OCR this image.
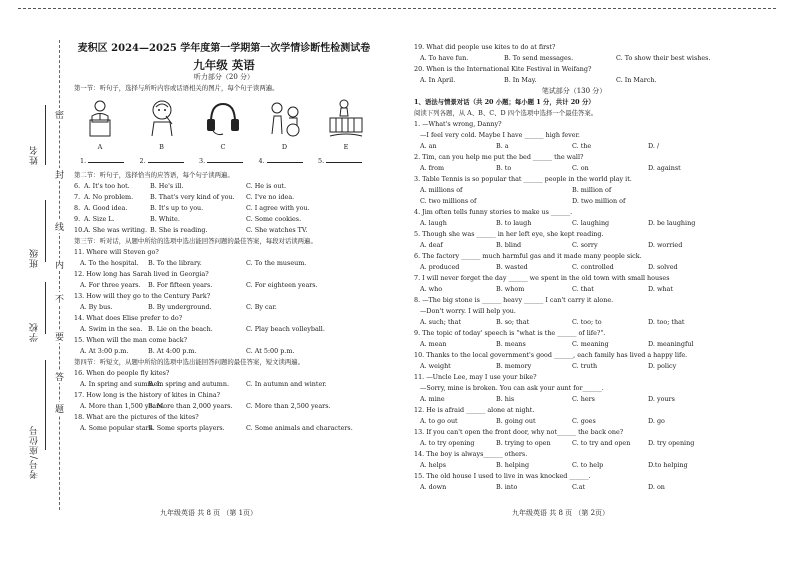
姓名
班级
学校
考号/座位号
密
封
线
内
不
要
答
题
麦积区 2024—2025 学年度第一学期第一次学情诊断性检测试卷
九年级 英语
听力部分（20 分）
第一节：听句子，选择与所听内容或话语相关的图片，每个句子读两遍。
A	B	C	D	E
1.	2.	3.	4.	5.
第二节：听句子，选择恰当的应答语，每个句子读两遍。
6. A. It's too hot.	B. He's ill.	C. He is out.
7. A. No problem.	B. That's very kind of you.	C. I've no idea.
8. A. Good idea.	B. It's up to you.	C. I agree with you.
9. A. Size L.	B. White.	C. Some cookies.
10. A. She was writing. B. She is reading.	C. She watches TV.
第三节：听对话，从题中所给的选项中选出能回答问题的最佳答案，每段对话读两遍。
11. Where will Steven go?
A. To the hospital.	B. To the library.	C. To the museum.
12. How long has Sarah lived in Georgia?
A. For three years.	B. For fifteen years.	C. For eighteen years.
13. How will they go to the Century Park?
A. By bus.	B. By underground.	C. By car.
14. What does Elise prefer to do?
A. Swim in the sea. B. Lie on the beach.	C. Play beach volleyball.
15. When will the man come back?
A. At 3:00 p.m.	B. At 4:00 p.m.	C. At 5:00 p.m.
第四节：听短文，从题中所给的选项中选出能回答问题的最佳答案，短文读两遍。
16. When do people fly kites?
A. In spring and summer.
B. In spring and autumn.	C. In autumn and winter.
17. How long is the history of kites in China?
A. More than 1,500 years.
B. More than 2,000 years.	C. More than 2,500 years.
18. What are the pictures of the kites?
A. Some popular stars.
B. Some sports players.	C. Some animals and characters.
九年级英语 共 8 页 （第 1页）
19. What did people use kites to do at first?
A. To have fun.	B. To send messages.	C. To show their best wishes.
20. When is the International Kite Festival in Weifang?
A. In April.	B. In May.	C. In March.
笔试部分（130 分）
1、语法与情景对话（共 20 小题；每小题 1 分，共计 20 分）
阅读下列各题，从 A、B、C、D 四个选项中选择一个最佳答案。
1. —What's wrong, Danny?
—I feel very cold. Maybe I have ______ high fever.
A. an	B. a	C. the	D. /
2. Tim, can you help me put the bed ______ the wall?
A. from	B. to	C. on	D. against
3. Table Tennis is so popular that ______ people in the world play it.
A. millions of	B. million of
C. two millions of	D. two million of
4. Jim often tells funny stories to make us ______.
A. laugh	B. to laugh	C. laughing	D. be laughing
5. Though she was ______ in her left eye, she kept reading.
A. deaf	B. blind	C. sorry	D. worried
6. The factory ______ much harmful gas and it made many people sick.
A. produced	B. wasted	C. controlled	D. solved
7. I will never forget the day ______ we spent in the old town with small houses
A. who	B. whom	C. that	D. what
8. —The big stone is ______ heavy ______ I can't carry it alone.
—Don't worry. I will help you.
A. such; that	B. so; that	C. too; to	D. too; that
9. The topic of today' speech is "what is the ______ of life?".
A. mean	B. means	C. meaning	D. meaningful
10. Thanks to the local government's good ______, each family has lived a happy life.
A. weight	B. memory	C. truth	D. policy
11. —Uncle Lee, may I use your bike?
—Sorry, mine is broken. You can ask your aunt for______.
A. mine	B. his	C. hers	D. yours
12. He is afraid ______ alone at night.
A. to go out	B. going out	C. goes	D. go
13. If you can't open the front door, why not______ the back one?
A. to try opening	B. trying to open	C. to try and open	D. try opening
14. The boy is always______ others.
A. helps	B. helping	C. to help	D.to helping
15. The old house I used to live in was knocked ______.
A. down	B. into	C.at	D. on
九年级英语 共 8 页 （第 2页）
